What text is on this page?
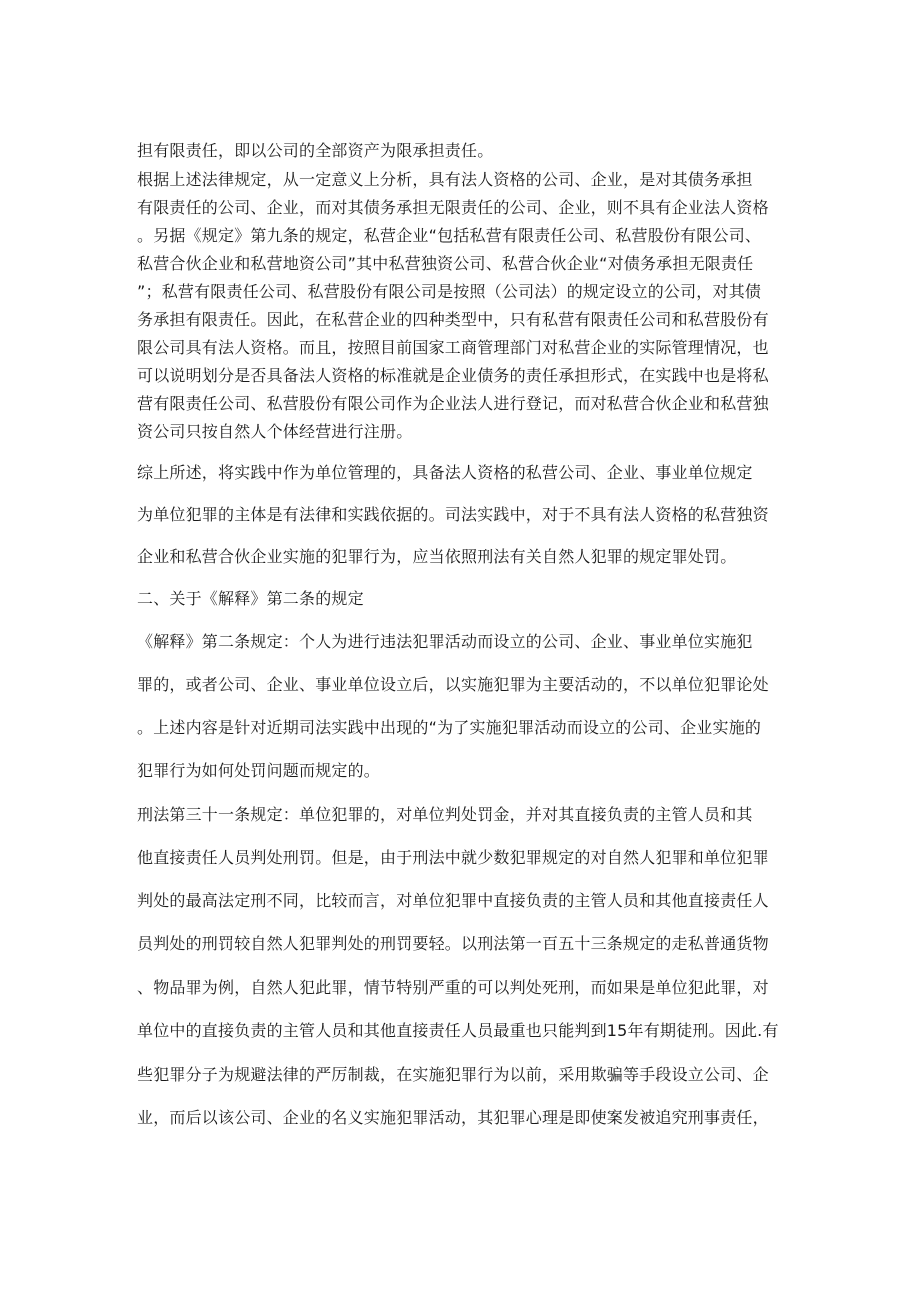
担有限责任，即以公司的全部资产为限承担责任。
根据上述法律规定，从一定意义上分析，具有法人资格的公司、企业，是对其债务承担
有限责任的公司、企业，而对其债务承担无限责任的公司、企业，则不具有企业法人资格
。另据《规定》第九条的规定，私营企业“包括私营有限责任公司、私营股份有限公司、
私营合伙企业和私营地资公司”其中私营独资公司、私营合伙企业“对债务承担无限责任
”；私营有限责任公司、私营股份有限公司是按照（公司法）的规定设立的公司，对其债
务承担有限责任。因此，在私营企业的四种类型中，只有私营有限责任公司和私营股份有
限公司具有法人资格。而且，按照目前国家工商管理部门对私营企业的实际管理情况，也
可以说明划分是否具备法人资格的标准就是企业债务的责任承担形式，在实践中也是将私
营有限责任公司、私营股份有限公司作为企业法人进行登记，而对私营合伙企业和私营独
资公司只按自然人个体经营进行注册。
综上所述，将实践中作为单位管理的，具备法人资格的私营公司、企业、事业单位规定
为单位犯罪的主体是有法律和实践依据的。司法实践中，对于不具有法人资格的私营独资
企业和私营合伙企业实施的犯罪行为，应当依照刑法有关自然人犯罪的规定罪处罚。
二、关于《解释》第二条的规定
《解释》第二条规定：个人为进行违法犯罪活动而设立的公司、企业、事业单位实施犯
罪的，或者公司、企业、事业单位设立后，以实施犯罪为主要活动的，不以单位犯罪论处
。上述内容是针对近期司法实践中出现的“为了实施犯罪活动而设立的公司、企业实施的
犯罪行为如何处罚问题而规定的。
刑法第三十一条规定：单位犯罪的，对单位判处罚金，并对其直接负责的主管人员和其
他直接责任人员判处刑罚。但是，由于刑法中就少数犯罪规定的对自然人犯罪和单位犯罪
判处的最高法定刑不同，比较而言，对单位犯罪中直接负责的主管人员和其他直接责任人
员判处的刑罚较自然人犯罪判处的刑罚要轻。以刑法第一百五十三条规定的走私普通货物
、物品罪为例，自然人犯此罪，情节特别严重的可以判处死刑，而如果是单位犯此罪，对
单位中的直接负责的主管人员和其他直接责任人员最重也只能判到15年有期徒刑。因此.有
些犯罪分子为规避法律的严厉制裁，在实施犯罪行为以前，采用欺骗等手段设立公司、企
业，而后以该公司、企业的名义实施犯罪活动，其犯罪心理是即使案发被追究刑事责任，
